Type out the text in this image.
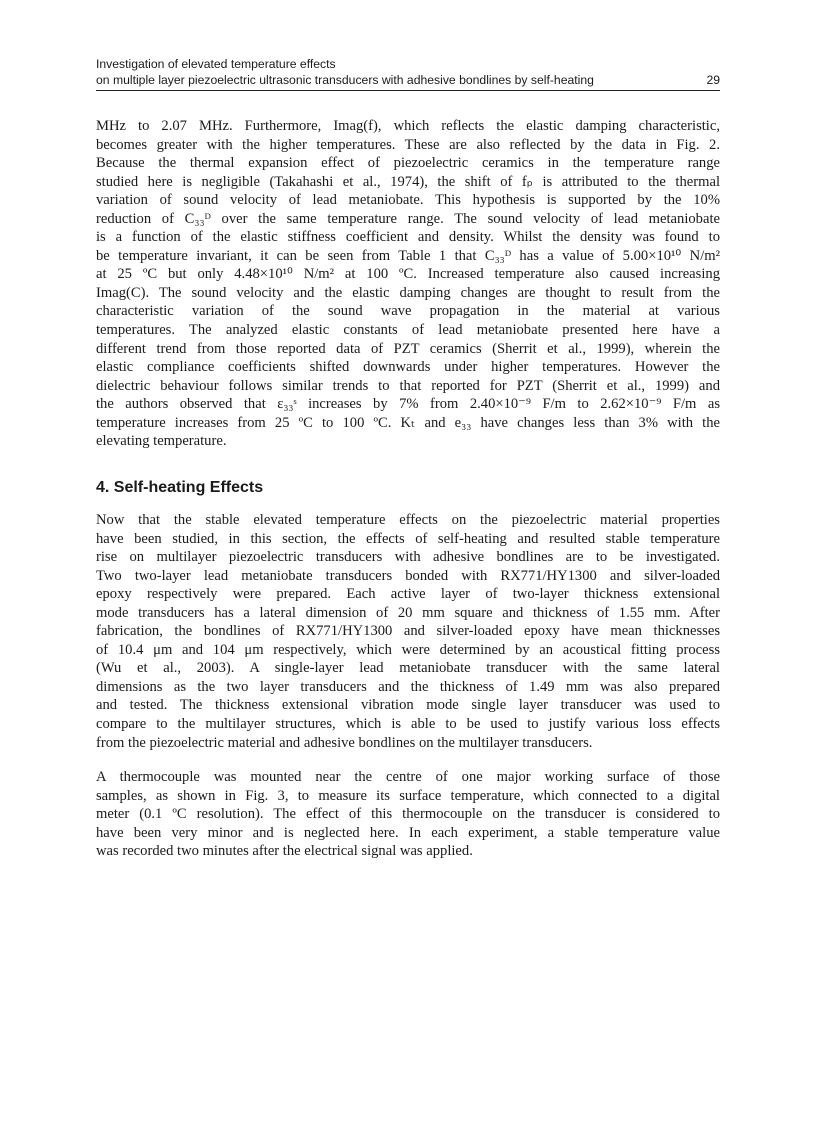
Investigation of elevated temperature effects
on multiple layer piezoelectric ultrasonic transducers with adhesive bondlines by self-heating	29
MHz to 2.07 MHz. Furthermore, Imag(f), which reflects the elastic damping characteristic,
becomes greater with the higher temperatures. These are also reflected by the data in Fig. 2.
Because the thermal expansion effect of piezoelectric ceramics in the temperature range
studied here is negligible (Takahashi et al., 1974), the shift of fₚ is attributed to the thermal
variation of sound velocity of lead metaniobate. This hypothesis is supported by the 10%
reduction of C₃₃ᴰ over the same temperature range. The sound velocity of lead metaniobate
is a function of the elastic stiffness coefficient and density. Whilst the density was found to
be temperature invariant, it can be seen from Table 1 that C₃₃ᴰ has a value of 5.00×10¹⁰ N/m²
at 25 ºC but only 4.48×10¹⁰ N/m² at 100 ºC. Increased temperature also caused increasing
Imag(C). The sound velocity and the elastic damping changes are thought to result from the
characteristic variation of the sound wave propagation in the material at various
temperatures. The analyzed elastic constants of lead metaniobate presented here have a
different trend from those reported data of PZT ceramics (Sherrit et al., 1999), wherein the
elastic compliance coefficients shifted downwards under higher temperatures. However the
dielectric behaviour follows similar trends to that reported for PZT (Sherrit et al., 1999) and
the authors observed that ε₃₃ˢ increases by 7% from 2.40×10⁻⁹ F/m to 2.62×10⁻⁹ F/m as
temperature increases from 25 ºC to 100 ºC. Kₜ and e₃₃ have changes less than 3% with the
elevating temperature.
4. Self-heating Effects
Now that the stable elevated temperature effects on the piezoelectric material properties
have been studied, in this section, the effects of self-heating and resulted stable temperature
rise on multilayer piezoelectric transducers with adhesive bondlines are to be investigated.
Two two-layer lead metaniobate transducers bonded with RX771/HY1300 and silver-loaded
epoxy respectively were prepared. Each active layer of two-layer thickness extensional
mode transducers has a lateral dimension of 20 mm square and thickness of 1.55 mm. After
fabrication, the bondlines of RX771/HY1300 and silver-loaded epoxy have mean thicknesses
of 10.4 μm and 104 μm respectively, which were determined by an acoustical fitting process
(Wu et al., 2003). A single-layer lead metaniobate transducer with the same lateral
dimensions as the two layer transducers and the thickness of 1.49 mm was also prepared
and tested. The thickness extensional vibration mode single layer transducer was used to
compare to the multilayer structures, which is able to be used to justify various loss effects
from the piezoelectric material and adhesive bondlines on the multilayer transducers.
A thermocouple was mounted near the centre of one major working surface of those
samples, as shown in Fig. 3, to measure its surface temperature, which connected to a digital
meter (0.1 ºC resolution). The effect of this thermocouple on the transducer is considered to
have been very minor and is neglected here. In each experiment, a stable temperature value
was recorded two minutes after the electrical signal was applied.
